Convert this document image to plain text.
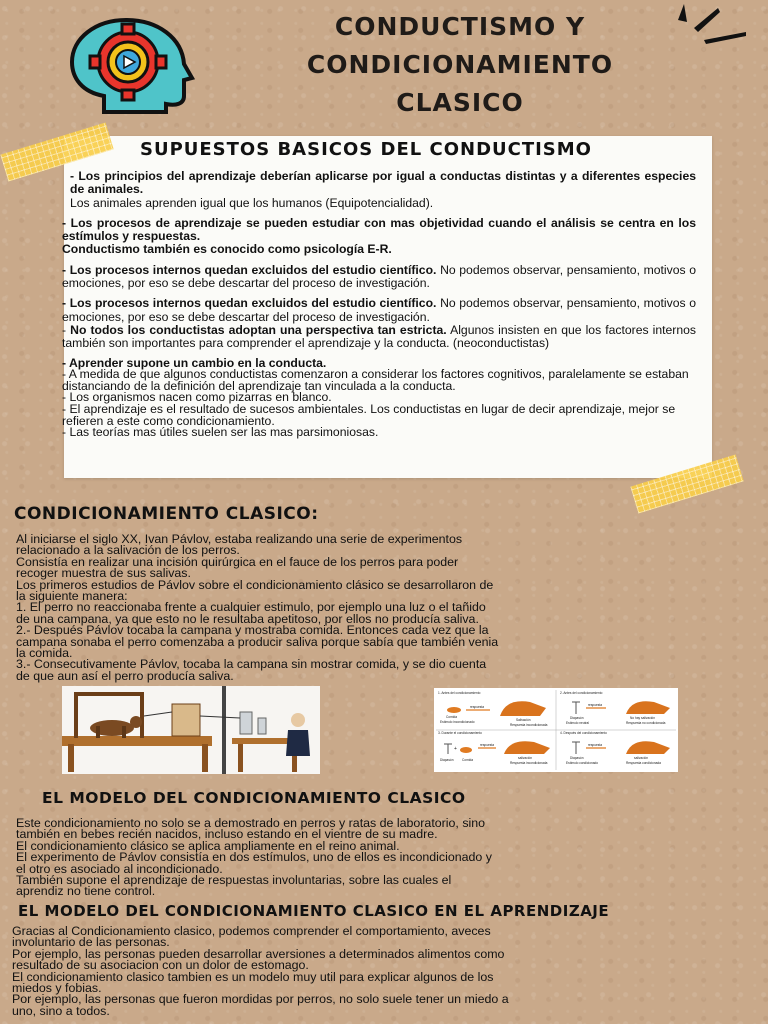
CONDUCTISMO Y
CONDICIONAMIENTO
CLASICO
SUPUESTOS BASICOS DEL CONDUCTISMO

- Los principios del aprendizaje deberían aplicarse por igual a conductas distintas y a diferentes especies de animales.
Los animales aprenden igual que los humanos (Equipotencialidad).

- Los procesos de aprendizaje se pueden estudiar con mas objetividad cuando el análisis se centra en los estímulos y respuestas.
Conductismo también es conocido como psicología E-R.

- Los procesos internos quedan excluidos del estudio científico. No podemos observar, pensamiento, motivos o emociones, por eso se debe descartar del proceso de investigación.

- Los procesos internos quedan excluidos del estudio científico. No podemos observar, pensamiento, motivos o emociones, por eso se debe descartar del proceso de investigación.

- No todos los conductistas adoptan una perspectiva tan estricta. Algunos insisten en que los factores internos también son importantes para comprender el aprendizaje y la conducta. (neoconductistas)

- Aprender supone un cambio en la conducta.
- A medida de que algunos conductistas comenzaron a considerar los factores cognitivos, paralelamente se estaban distanciando de la definición del aprendizaje tan vinculada a la conducta.
- Los organismos nacen como pizarras en blanco.
- El aprendizaje es el resultado de sucesos ambientales. Los conductistas en lugar de decir aprendizaje, mejor se refieren a este como condicionamiento.
- Las teorías mas útiles suelen ser las mas parsimoniosas.

CONDICIONAMIENTO CLASICO:
Al iniciarse el siglo XX, Ivan Pávlov, estaba realizando una serie de experimentos
relacionado a la salivación de los perros.
Consistía en realizar una incisión quirúrgica en el fauce de los perros para poder
recoger muestra de sus salivas.
Los primeros estudios de Pávlov sobre el condicionamiento clásico se desarrollaron de
la siguiente manera:
1. El perro no reaccionaba frente a cualquier estimulo, por ejemplo una luz o el tañido
de una campana, ya que esto no le resultaba apetitoso, por ellos no producía saliva.
2.- Después Pávlov tocaba la campana y mostraba comida. Entonces cada vez que la
campana sonaba el perro comenzaba a producir saliva porque sabía que también venia
la comida.
3.- Consecutivamente Pávlov, tocaba la campana sin mostrar comida, y se dio cuenta
de que aun así el perro producía saliva.
1. Antes del condicionamiento	2. Antes del condicionamiento
3. Durante el condicionamiento	4. Después del condicionamiento
respuesta
Comida
Estímulo incondicionado	Salivación
Respuesta incondicionada
respuesta
Diapasón
Estímulo neutral
No hay salivación
Respuesta no condicionada
+
respuesta
Diapasón	Comida	salivación
Respuesta incondicionada
respuesta
Diapasón
Estímulo condicionado
salivación
Respuesta condicionada
EL MODELO DEL CONDICIONAMIENTO CLASICO
Este condicionamiento no solo se a demostrado en perros y ratas de laboratorio, sino
también en bebes recién nacidos, incluso estando en el vientre de su madre.
El condicionamiento clásico se aplica ampliamente en el reino animal.
El experimento de Pávlov consistía en dos estímulos, uno de ellos es incondicionado y
el otro es asociado al incondicionado.
También supone el aprendizaje de respuestas involuntarias, sobre las cuales el
aprendiz no tiene control.
EL MODELO DEL CONDICIONAMIENTO CLASICO EN EL APRENDIZAJE
Gracias al Condicionamiento clasico, podemos comprender el comportamiento, aveces
involuntario de las personas.
Por ejemplo, las personas pueden desarrollar aversiones a determinados alimentos como
resultado de su asociacion con un dolor de estomago.
El condicionamiento clasico tambien es un modelo muy util para explicar algunos de los
miedos y fobias.
Por ejemplo, las personas que fueron mordidas por perros, no solo suele tener un miedo a
uno, sino a todos.
